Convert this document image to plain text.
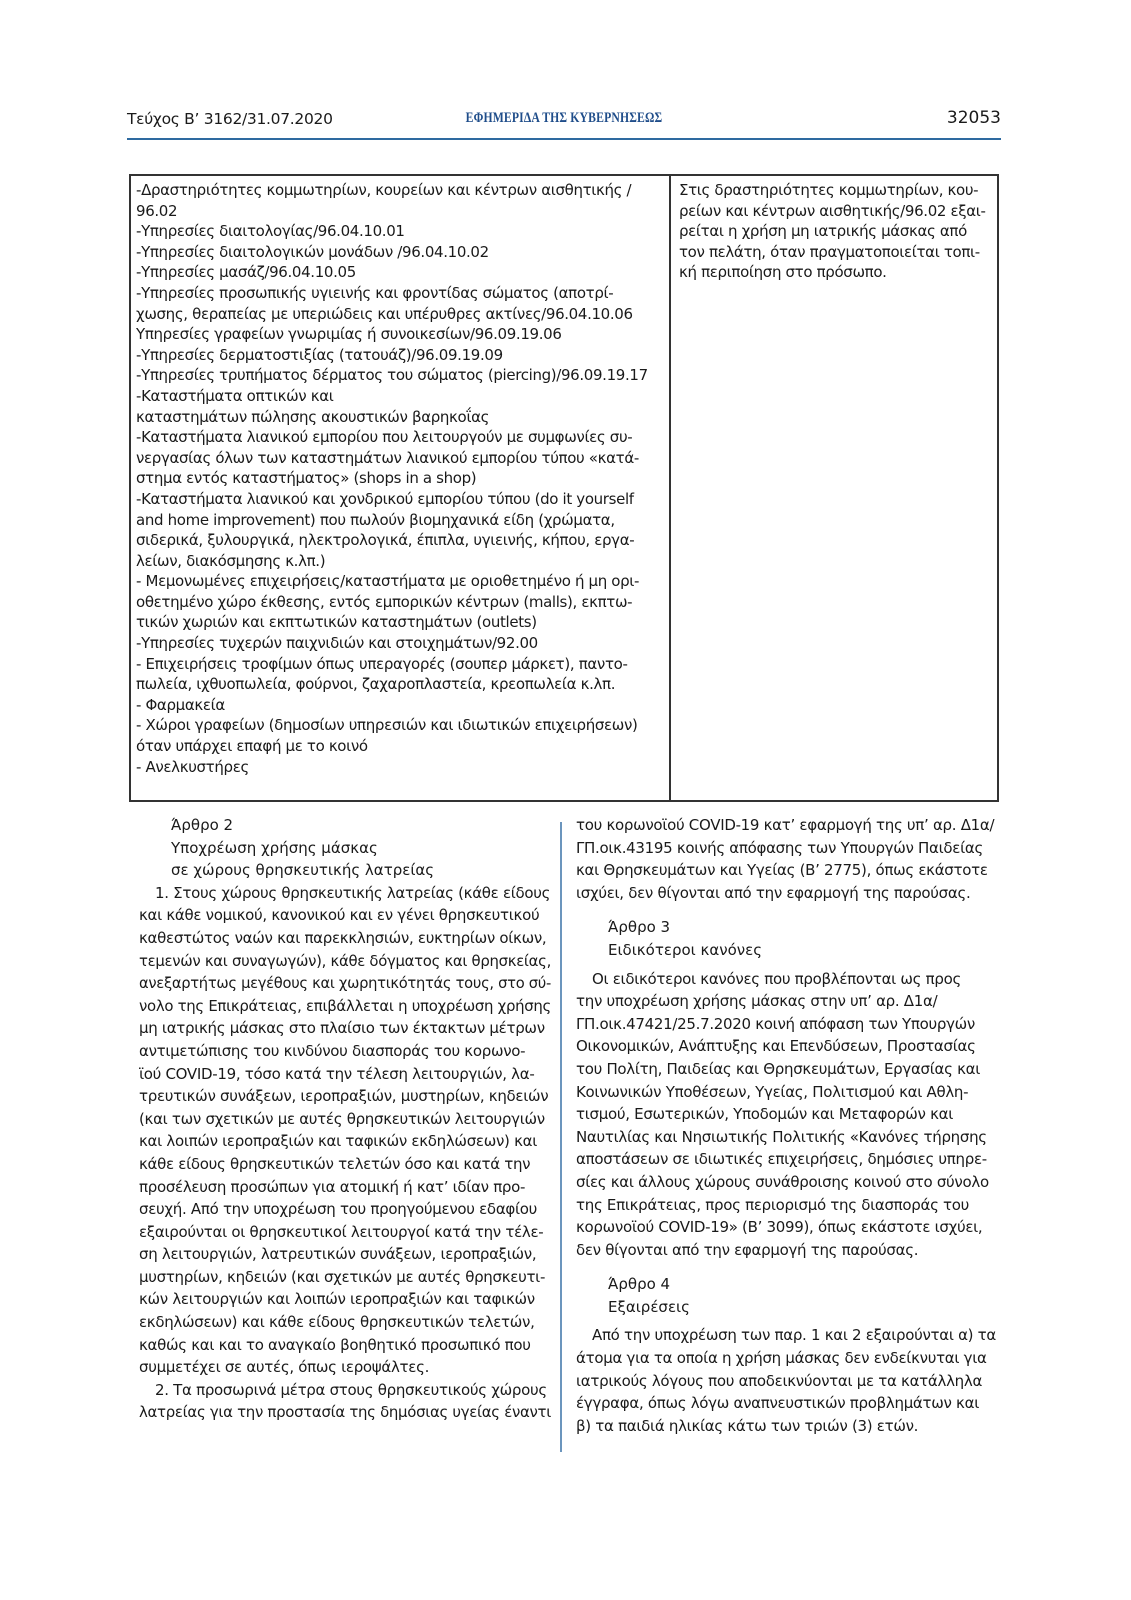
Τεύχος Β’ 3162/31.07.2020	ΕΦΗΜΕΡΙΔΑ ΤΗΣ ΚΥΒΕΡΝΗΣΕΩΣ	32053
-Δραστηριότητες κομμωτηρίων, κουρείων και κέντρων αισθητικής /
96.02
-Υπηρεσίες διαιτολογίας/96.04.10.01
-Υπηρεσίες διαιτολογικών μονάδων /96.04.10.02
-Υπηρεσίες μασάζ/96.04.10.05
-Υπηρεσίες προσωπικής υγιεινής και φροντίδας σώματος (αποτρί-
χωσης, θεραπείας με υπεριώδεις και υπέρυθρες ακτίνες/96.04.10.06
Υπηρεσίες γραφείων γνωριμίας ή συνοικεσίων/96.09.19.06
-Υπηρεσίες δερματοστιξίας (τατουάζ)/96.09.19.09
-Υπηρεσίες τρυπήματος δέρματος του σώματος (piercing)/96.09.19.17
-Καταστήματα οπτικών και
καταστημάτων πώλησης ακουστικών βαρηκοΐας
-Καταστήματα λιανικού εμπορίου που λειτουργούν με συμφωνίες συ-
νεργασίας όλων των καταστημάτων λιανικού εμπορίου τύπου «κατά-
στημα εντός καταστήματος» (shops in a shop)
-Καταστήματα λιανικού και χονδρικού εμπορίου τύπου (do it yourself
and home improvement) που πωλούν βιομηχανικά είδη (χρώματα,
σιδερικά, ξυλουργικά, ηλεκτρολογικά, έπιπλα, υγιεινής, κήπου, εργα-
λείων, διακόσμησης κ.λπ.)
- Μεμονωμένες επιχειρήσεις/καταστήματα με οριοθετημένο ή μη ορι-
οθετημένο χώρο έκθεσης, εντός εμπορικών κέντρων (malls), εκπτω-
τικών χωριών και εκπτωτικών καταστημάτων (outlets)
-Υπηρεσίες τυχερών παιχνιδιών και στοιχημάτων/92.00
- Επιχειρήσεις τροφίμων όπως υπεραγορές (σουπερ μάρκετ), παντο-
πωλεία, ιχθυοπωλεία, φούρνοι, ζαχαροπλαστεία, κρεοπωλεία κ.λπ.
- Φαρμακεία
- Χώροι γραφείων (δημοσίων υπηρεσιών και ιδιωτικών επιχειρήσεων)
όταν υπάρχει επαφή με το κοινό
- Ανελκυστήρες
Στις δραστηριότητες κομμωτηρίων, κου-
ρείων και κέντρων αισθητικής/96.02 εξαι-
ρείται η χρήση μη ιατρικής μάσκας από
τον πελάτη, όταν πραγματοποιείται τοπι-
κή περιποίηση στο πρόσωπο.
Άρθρο 2
Υποχρέωση χρήσης μάσκας
σε χώρους θρησκευτικής λατρείας
1. Στους χώρους θρησκευτικής λατρείας (κάθε είδους
και κάθε νομικού, κανονικού και εν γένει θρησκευτικού
καθεστώτος ναών και παρεκκλησιών, ευκτηρίων οίκων,
τεμενών και συναγωγών), κάθε δόγματος και θρησκείας,
ανεξαρτήτως μεγέθους και χωρητικότητάς τους, στο σύ-
νολο της Επικράτειας, επιβάλλεται η υποχρέωση χρήσης
μη ιατρικής μάσκας στο πλαίσιο των έκτακτων μέτρων
αντιμετώπισης του κινδύνου διασποράς του κορωνο-
ϊού COVID-19, τόσο κατά την τέλεση λειτουργιών, λα-
τρευτικών συνάξεων, ιεροπραξιών, μυστηρίων, κηδειών
(και των σχετικών με αυτές θρησκευτικών λειτουργιών
και λοιπών ιεροπραξιών και ταφικών εκδηλώσεων) και
κάθε είδους θρησκευτικών τελετών όσο και κατά την
προσέλευση προσώπων για ατομική ή κατ’ ιδίαν προ-
σευχή. Από την υποχρέωση του προηγούμενου εδαφίου
εξαιρούνται οι θρησκευτικοί λειτουργοί κατά την τέλε-
ση λειτουργιών, λατρευτικών συνάξεων, ιεροπραξιών,
μυστηρίων, κηδειών (και σχετικών με αυτές θρησκευτι-
κών λειτουργιών και λοιπών ιεροπραξιών και ταφικών
εκδηλώσεων) και κάθε είδους θρησκευτικών τελετών,
καθώς και και το αναγκαίο βοηθητικό προσωπικό που
συμμετέχει σε αυτές, όπως ιεροψάλτες.
2. Τα προσωρινά μέτρα στους θρησκευτικούς χώρους
λατρείας για την προστασία της δημόσιας υγείας έναντι
του κορωνοϊού COVID-19 κατ’ εφαρμογή της υπ’ αρ. Δ1α/
ΓΠ.οικ.43195 κοινής απόφασης των Υπουργών Παιδείας
και Θρησκευμάτων και Υγείας (Β’ 2775), όπως εκάστοτε
ισχύει, δεν θίγονται από την εφαρμογή της παρούσας.
Άρθρο 3
Ειδικότεροι κανόνες
Οι ειδικότεροι κανόνες που προβλέπονται ως προς
την υποχρέωση χρήσης μάσκας στην υπ’ αρ. Δ1α/
ΓΠ.οικ.47421/25.7.2020 κοινή απόφαση των Υπουργών
Οικονομικών, Ανάπτυξης και Επενδύσεων, Προστασίας
του Πολίτη, Παιδείας και Θρησκευμάτων, Εργασίας και
Κοινωνικών Υποθέσεων, Υγείας, Πολιτισμού και Αθλη-
τισμού, Εσωτερικών, Υποδομών και Μεταφορών και
Ναυτιλίας και Νησιωτικής Πολιτικής «Κανόνες τήρησης
αποστάσεων σε ιδιωτικές επιχειρήσεις, δημόσιες υπηρε-
σίες και άλλους χώρους συνάθροισης κοινού στο σύνολο
της Επικράτειας, προς περιορισμό της διασποράς του
κορωνοϊού COVID-19» (Β’ 3099), όπως εκάστοτε ισχύει,
δεν θίγονται από την εφαρμογή της παρούσας.
Άρθρο 4
Εξαιρέσεις
Από την υποχρέωση των παρ. 1 και 2 εξαιρούνται α) τα
άτομα για τα οποία η χρήση μάσκας δεν ενδείκνυται για
ιατρικούς λόγους που αποδεικνύονται με τα κατάλληλα
έγγραφα, όπως λόγω αναπνευστικών προβλημάτων και
β) τα παιδιά ηλικίας κάτω των τριών (3) ετών.
